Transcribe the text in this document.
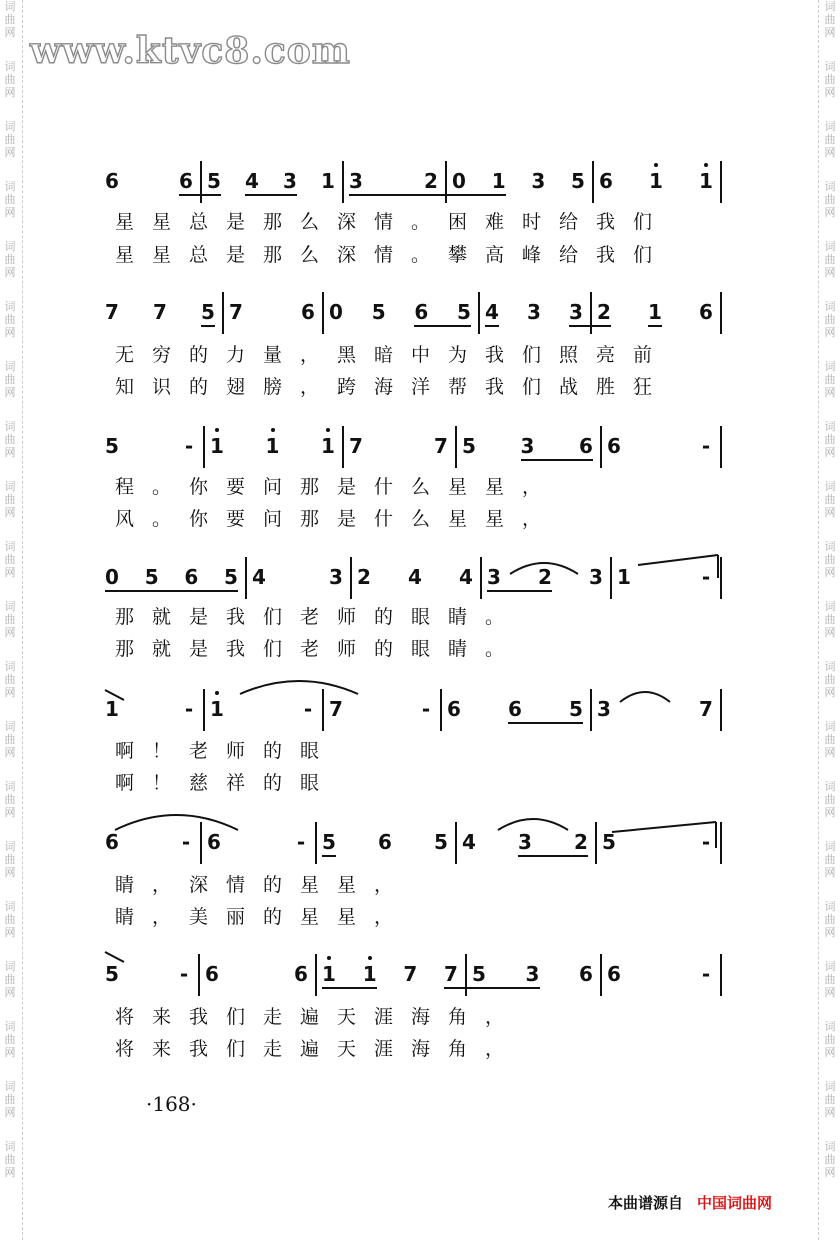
www.ktvc8.com
词
曲
网
词
曲
网
词
曲
网
词
曲
网
词
曲
网
词
曲
网
词
曲
网
词
曲
网
词
曲
网
词
曲
网
词
曲
网
词
曲
网
词
曲
网
词
曲
网
词
曲
网
词
曲
网
词
曲
网
词
曲
网
词
曲
网
词
曲
网
词
曲
网
词
曲
网
词
曲
网
词
曲
网
词
曲
网
词
曲
网
词
曲
网
词
曲
网
词
曲
网
词
曲
网
词
曲
网
词
曲
网
词
曲
网
词
曲
网
词
曲
网
词
曲
网
词
曲
网
词
曲
网
词
曲
网
词
曲
网
6	6 5 4 3 1 3	2 0 1 3 5 6 1 1
星星总是那么深情。困难时给我们
星星总是那么深情。攀高峰给我们
7 7 5 7	6 0 5 6 5 4 3 3 2 1 6
无穷的力量，黑暗中为我们照亮前
知识的翅膀，跨海洋帮我们战胜狂
5	- 1 1 1 7	7 5 3 6 6	-
程。你要问那是什么星星，
风。你要问那是什么星星，
0 5 6 5 4	3 2 4 4 3 2 3 1	-
那就是我们老师的眼睛。
那就是我们老师的眼睛。
1	- 1	- 7	- 6 6 5 3	7
啊！老师的眼
啊！慈祥的眼
6	- 6	- 5 6 5 4 3 2 5	-
睛，深情的星星，
睛，美丽的星星，
5	- 6	6 1 1 7 7 5 3 6 6	-
将来我们走遍天涯海角，
将来我们走遍天涯海角，
·168·
本曲谱源自 中国词曲网
